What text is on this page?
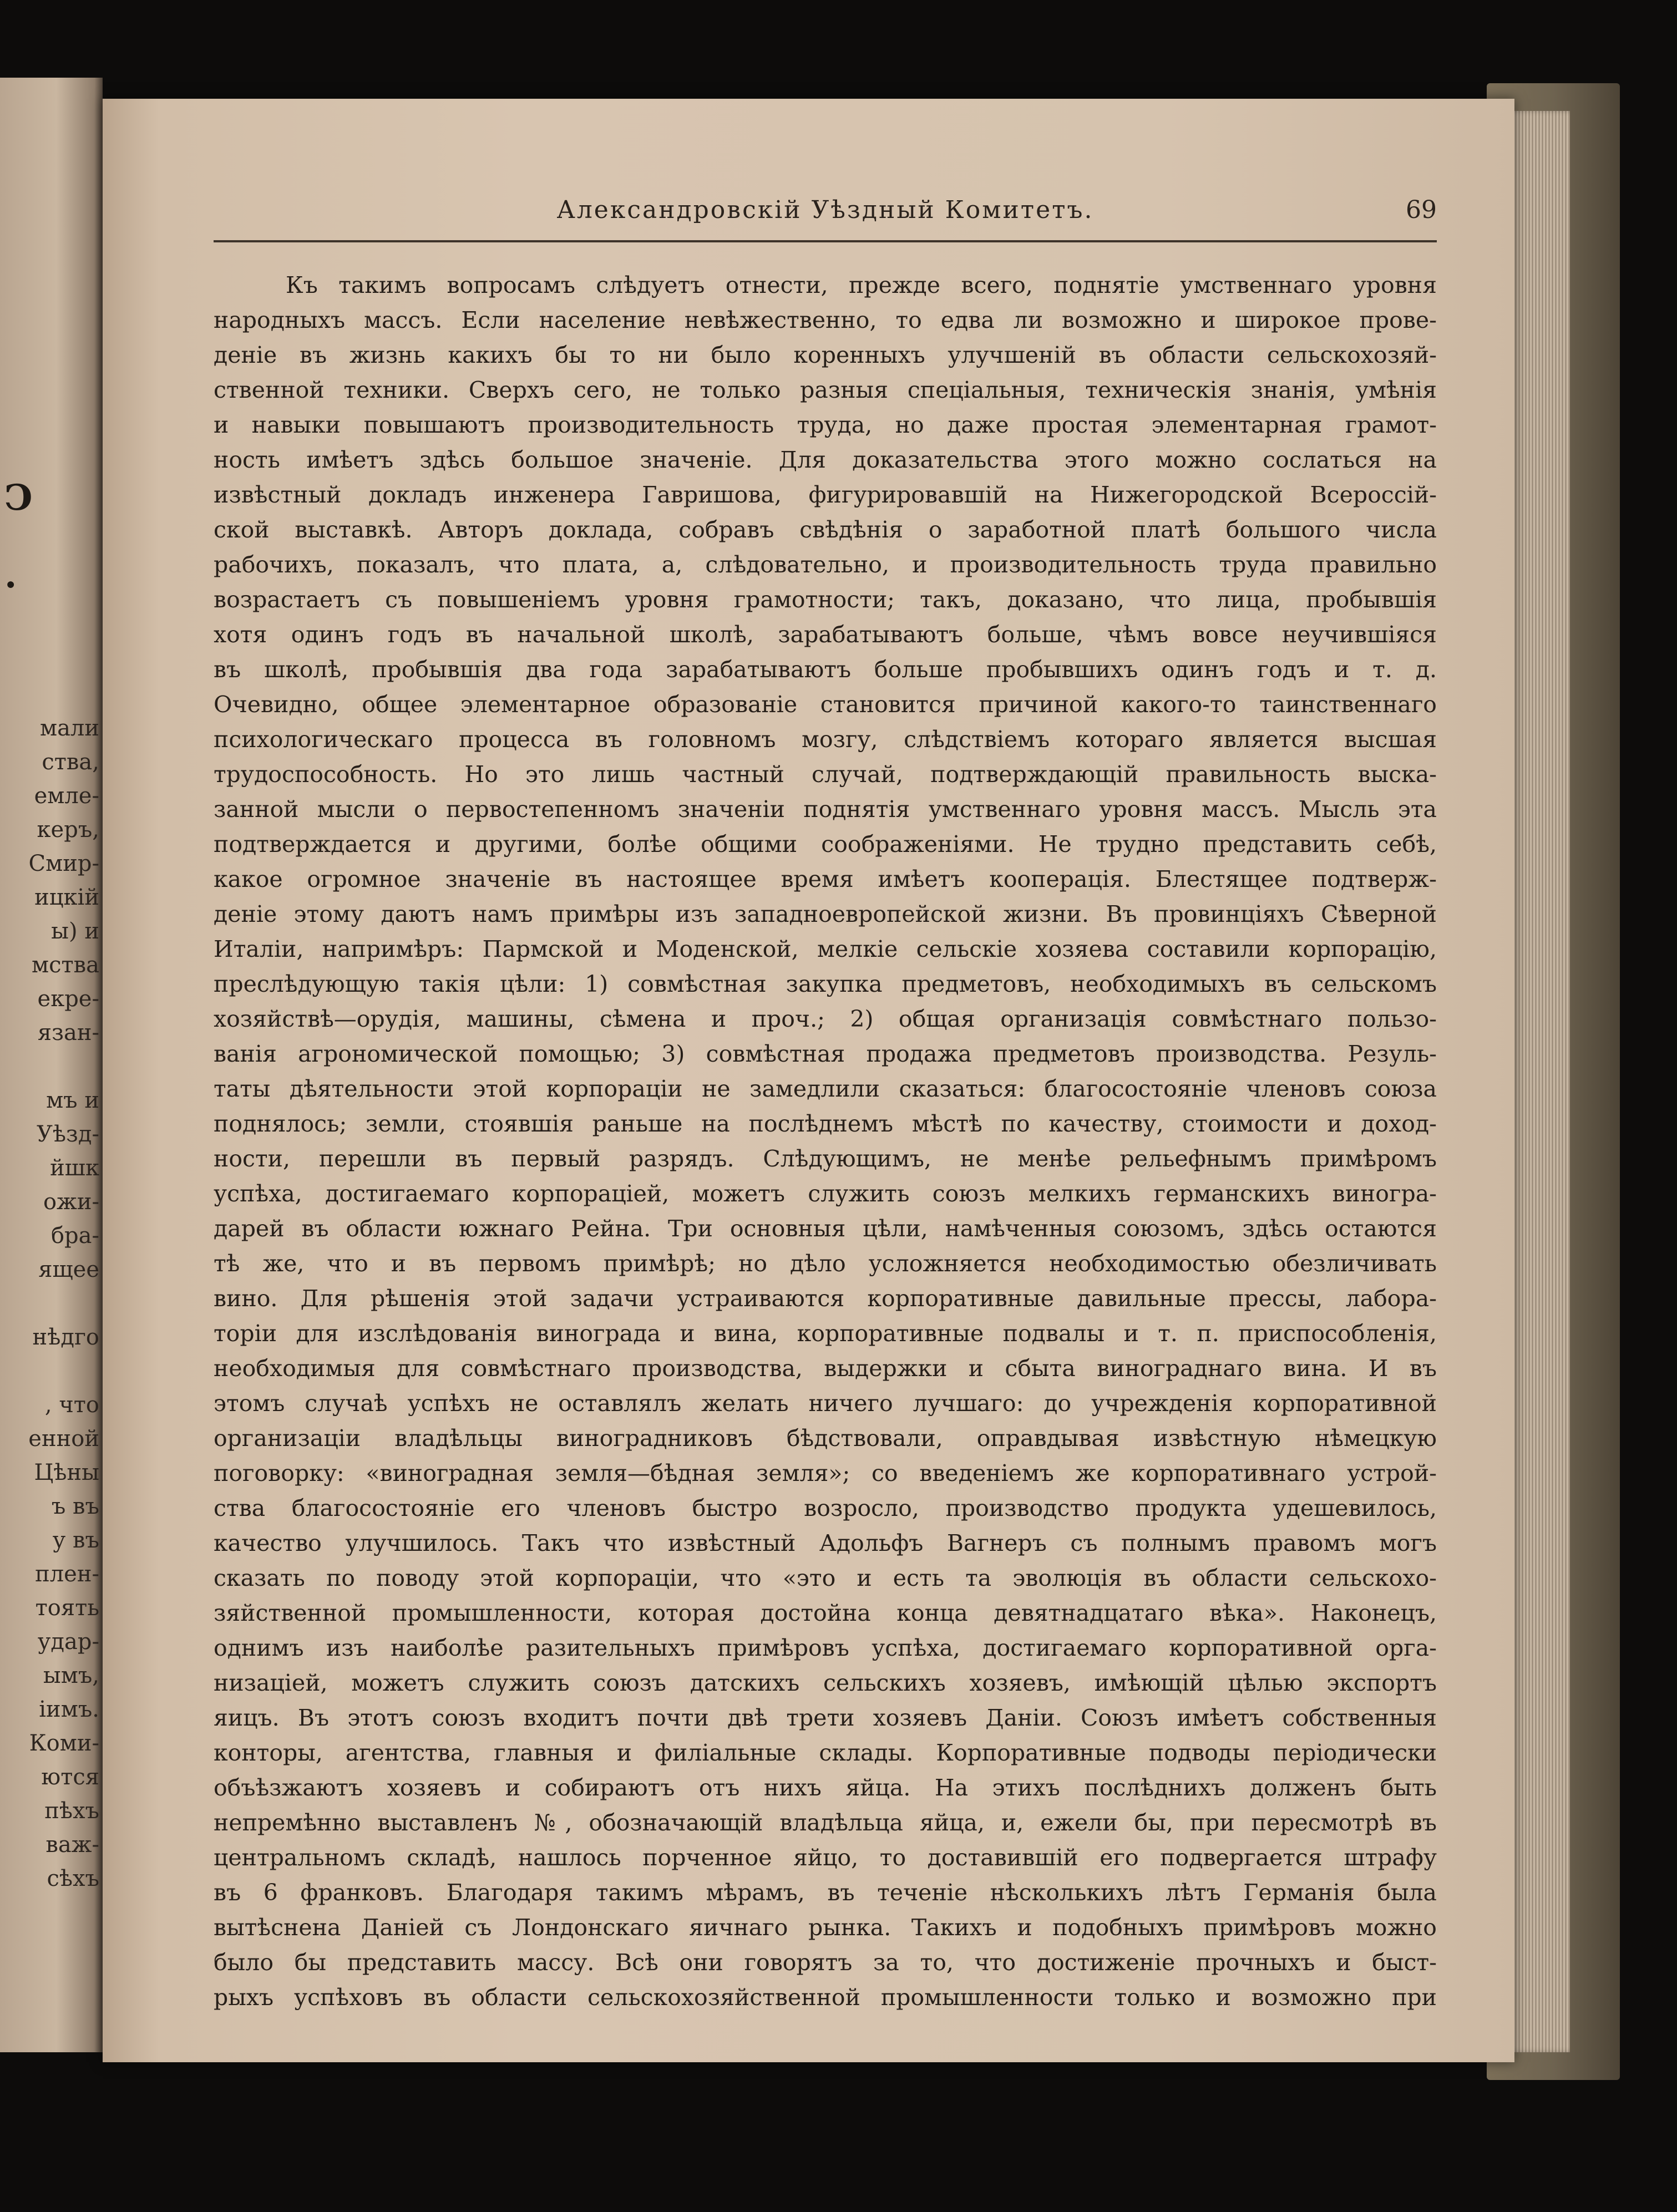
Ͻ
.
мали
ства,
емле-
керъ,
Смир-
ицкій
ы) и
мства
екре-
язан-
мъ и
Уѣзд-
йшк
ожи-
бра-
ящее
нѣдго
, что
енной
Цѣны
ъ въ
у въ
плен-
тоять
удар-
ымъ,
іимъ.
Коми-
ются
пѣхъ
важ-
сѣхъ
Александровскій Уѣздный Комитетъ.	69
Къ такимъ вопросамъ слѣдуетъ отнести, прежде всего, поднятіе умственнаго уровня
народныхъ массъ. Если население невѣжественно, то едва ли возможно и широкое прове-
деніе въ жизнь какихъ бы то ни было коренныхъ улучшеній въ области сельскохозяй-
ственной техники. Сверхъ сего, не только разныя спеціальныя, техническія знанія, умѣнія
и навыки повышаютъ производительность труда, но даже простая элементарная грамот-
ность имѣетъ здѣсь большое значеніе. Для доказательства этого можно сослаться на
извѣстный докладъ инженера Гавришова, фигурировавшій на Нижегородской Всероссій-
ской выставкѣ. Авторъ доклада, собравъ свѣдѣнія о заработной платѣ большого числа
рабочихъ, показалъ, что плата, а, слѣдовательно, и производительность труда правильно
возрастаетъ съ повышеніемъ уровня грамотности; такъ, доказано, что лица, пробывшія
хотя одинъ годъ въ начальной школѣ, зарабатываютъ больше, чѣмъ вовсе неучившіяся
въ школѣ, пробывшія два года зарабатываютъ больше пробывшихъ одинъ годъ и т. д.
Очевидно, общее элементарное образованіе становится причиной какого-то таинственнаго
психологическаго процесса въ головномъ мозгу, слѣдствіемъ котораго является высшая
трудоспособность. Но это лишь частный случай, подтверждающій правильность выска-
занной мысли о первостепенномъ значеніи поднятія умственнаго уровня массъ. Мысль эта
подтверждается и другими, болѣе общими соображеніями. Не трудно представить себѣ,
какое огромное значеніе въ настоящее время имѣетъ кооперація. Блестящее подтверж-
деніе этому даютъ намъ примѣры изъ западноевропейской жизни. Въ провинціяхъ Сѣверной
Италіи, напримѣръ: Пармской и Моденской, мелкіе сельскіе хозяева составили корпорацію,
преслѣдующую такія цѣли: 1) совмѣстная закупка предметовъ, необходимыхъ въ сельскомъ
хозяйствѣ—орудія, машины, сѣмена и проч.; 2) общая организація совмѣстнаго пользо-
ванія агрономической помощью; 3) совмѣстная продажа предметовъ производства. Резуль-
таты дѣятельности этой корпораціи не замедлили сказаться: благосостояніе членовъ союза
поднялось; земли, стоявшія раньше на послѣднемъ мѣстѣ по качеству, стоимости и доход-
ности, перешли въ первый разрядъ. Слѣдующимъ, не менѣе рельефнымъ примѣромъ
успѣха, достигаемаго корпораціей, можетъ служить союзъ мелкихъ германскихъ виногра-
дарей въ области южнаго Рейна. Три основныя цѣли, намѣченныя союзомъ, здѣсь остаются
тѣ же, что и въ первомъ примѣрѣ; но дѣло усложняется необходимостью обезличивать
вино. Для рѣшенія этой задачи устраиваются корпоративные давильные прессы, лабора-
торіи для изслѣдованія винограда и вина, корпоративные подвалы и т. п. приспособленія,
необходимыя для совмѣстнаго производства, выдержки и сбыта винограднаго вина. И въ
этомъ случаѣ успѣхъ не оставлялъ желать ничего лучшаго: до учрежденія корпоративной
организаціи владѣльцы виноградниковъ бѣдствовали, оправдывая извѣстную нѣмецкую
поговорку: «виноградная земля—бѣдная земля»; со введеніемъ же корпоративнаго устрой-
ства благосостояніе его членовъ быстро возросло, производство продукта удешевилось,
качество улучшилось. Такъ что извѣстный Адольфъ Вагнеръ съ полнымъ правомъ могъ
сказать по поводу этой корпораціи, что «это и есть та эволюція въ области сельскохо-
зяйственной промышленности, которая достойна конца девятнадцатаго вѣка». Наконецъ,
однимъ изъ наиболѣе разительныхъ примѣровъ успѣха, достигаемаго корпоративной орга-
низаціей, можетъ служить союзъ датскихъ сельскихъ хозяевъ, имѣющій цѣлью экспортъ
яицъ. Въ этотъ союзъ входитъ почти двѣ трети хозяевъ Даніи. Союзъ имѣетъ собственныя
конторы, агентства, главныя и филіальные склады. Корпоративные подводы періодически
объѣзжаютъ хозяевъ и собираютъ отъ нихъ яйца. На этихъ послѣднихъ долженъ быть
непремѣнно выставленъ №, обозначающій владѣльца яйца, и, ежели бы, при пересмотрѣ въ
центральномъ складѣ, нашлось порченное яйцо, то доставившій его подвергается штрафу
въ 6 франковъ. Благодаря такимъ мѣрамъ, въ теченіе нѣсколькихъ лѣтъ Германія была
вытѣснена Даніей съ Лондонскаго яичнаго рынка. Такихъ и подобныхъ примѣровъ можно
было бы представить массу. Всѣ они говорятъ за то, что достиженіе прочныхъ и быст-
рыхъ успѣховъ въ области сельскохозяйственной промышленности только и возможно при
